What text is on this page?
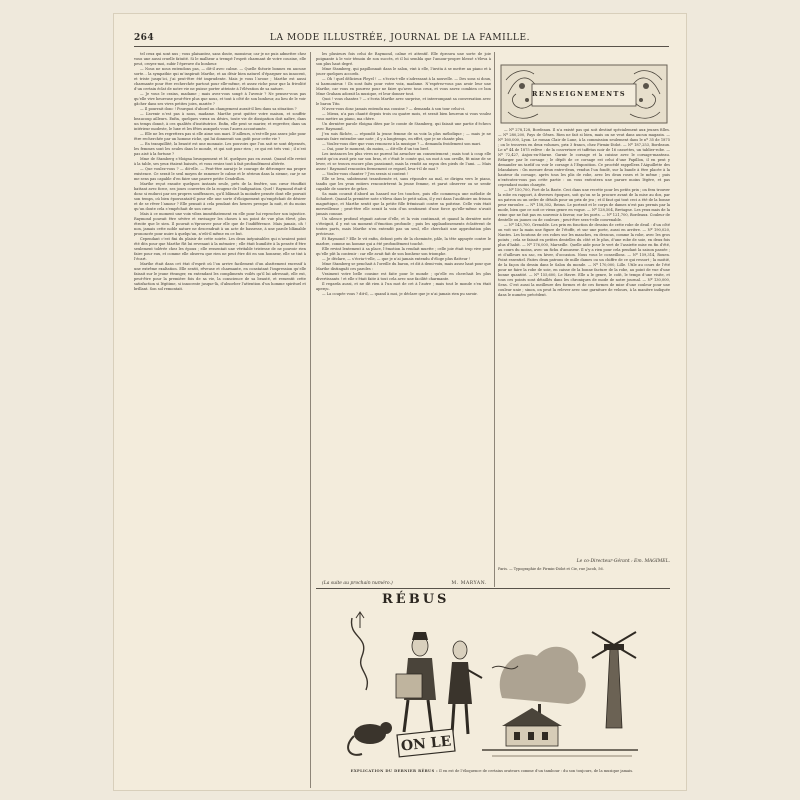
264	LA MODE ILLUSTRÉE, JOURNAL DE LA FAMILLE.

tel ceux qui sont nus ; vous plaisantez, sans doute, monsieur, car je ne puis admettre chez vous une aussi cruelle fatuité. Si le malheur a trempé l’esprit charmant de votre cousine, elle peut, croyez-moi, subir l’épreuve du bonheur.

— Nous ne nous entendons pas, — dit-il avec calme. — Quelle théorie bonnes en aucune sorte… la sympathie qui m’inspirait Marthe, et au désir bien naturel d’épargner un innocent, et triste jusqu’ici, j’ai peut-être été imprudente. Mais je vous l’avoue ; Marthe est aussi charmante pour être recherchée partout pour elle-même, et assez riche pour que la frivolité d’un certain éclat de notre vie ne puisse porter atteinte à l’élévation de sa nature.

— Je vous le crains, madame ; mais avez-vous songé à l’avenir ? Ne pensez-vous pas qu’elle vive heureuse peut-être plus que nous, et tout à côté de son bonheur, au lieu de le voir gâcher dans ses vives petites joies, mariée ?

— Il pourrait donc ! Pourquoi d’abord un changement aurait-il lieu dans sa situation ?

— L’avenir n’est pas à nous, madame. Marthe peut quitter votre maison, et souffrir beaucoup ailleurs. Enfin, quelques vœux ou désirs, toute vie de dissipation doit naître, dans un temps donné, à ces qualités d’institutrice. Enfin, elle peut se marier, et regretter, dans un intérieur modeste, le luxe et les fêtes auxquels vous l’aurez accoutumée.

— Elle ne les regrettera pas si elle aime son mari. D’ailleurs, n’est-elle pas assez jolie pour être recherchée par un homme riche, qui lui donnerait son goût pour cette vie ?

— En tranquillité, la beauté est une monnaie. Les pouvoirs que l’on sait se sont dépensés, les femmes sont les seules dans le monde, et qui soit pour rien ; ce qui est très vrai ; il n’est pas aisé à la fortune ?

Mme de Stamberg s’éloigna brusquement et M. quelques pas en avant. Quand elle revint à la table, ses yeux étaient baissés, et vous resiez tout à fait profondément altérée.

— Que voulez-vous ? — dit-elle. — Peut-être aurai-je le courage de détromper ma propre existence. Ce serait le seul moyen de ramener le calme et le sérieux dans la sienne, car je ne me sens pas capable d’en faire une pauvre petite Cendrillon.

Marthe reçut ensuite quelques instants seule, près de la fenêtre, son cœur étouffait battant avec force, ses joues couvertes de la rougeur de l’indignation. Quel ! Raymond était-il donc si endurci par ses propres souffrances, qu’il blâmait la moindre pensée dont elle pouvait son temps, où bien épouvantait-il pour elle une sorte d’éloignement qu’empêchait de désirer et de se rêver l’amour ? Elle pensait à cela pendant des heures presque la nuit, et du moins qu’un doute cela s’empêchait de son cœur.

Mais à ce moment une voix vibra immédiatement en elle pour lui reprocher son injustice. Raymond pouvait être sévère et envisager les choses à un point de vue plus élevé, plus étroite que le sien. Il pouvait n’éprouver pour elle que de l’indifférence. Mais jamais, oh ! non, jamais cette noble nature ne descendrait à un acte de bassesse, à une parole blâmable prononcée pour nuire à quelqu’un, n’eût-il même eu ce but.

Cependant c’est fini du plaisir de cette soirée. Les deux inépuisables qui n’avaient point été dits pour que Marthe fût lui revenant à la mémoire ; elle était humiliée à la pensée d’être seulement tolérée chez les époux ; elle ressentait une véritable tristesse de ne pouvoir rien faire pour eux, et comme elle observa que rien ne peut être dit en son honneur, elle se tint à l’écart.

Marthe était dans cet état d’esprit où l’on arrive facilement d’un abattement excessif à une extrême exaltation. Elle sentit, rêveuse et charmante, en constatant l’impression qu’elle faisait sur le jeune étranger, en entendant les compliments voilés qu’il lui adressait, elle eut, peut-être pour la première fois de sa vie, la conscience de sa beauté, et ressentit cette satisfaction si légitime, si innocente jusque-là, d’absorber l’attention d’un homme spirituel et brillant. Son sol remontait.

les plusieurs fois celui de Raymond, calme et attentif. Elle éprouva une sorte de joie poignante à le voir témoin de son succès, et il lui sembla que l’amour-propre blessé s’éleva à son plus haut degré.

Mme Stamberg, qui papillonnait dans le salon, vint à elle, l’invita à se mettre au piano et à jouer quelques accords.

— Oh ! quel délicieux Pleyel ! — s’écria-t-elle s’adressant à la nouvelle. — Des sons si doux, si harmonieux ! Ils sont faits pour votre voix, madame. N’espérez-vous pas avoir leur une Marthe, car vous en pourrez pour ne faire qu’avec tous ceux, et vous savez combien ce bon Mme Graham adorait la musique, et leur donner tout.

Quoi ! vous chantez ? — s’écria Marthe avec surprise, et interrompant sa conversation avec le baron Tito.

N’avez-vous donc jamais entendu ma cousine ? — demanda à son tour celui-ci.

— Mieux, n’a pas chanté depuis trois ou quatre mois, et serait bien heureux si vous voulez vous mettre au piano, ma chère.

Un dernière parole éloigna dites par le comte de Stamberg, qui faisait une partie d’échecs avec Raymond.

J’en suis fâchée, — répondit la jeune femme de sa voix la plus mélodique ; — mais je ne saurais faire entendre une note ; il y a longtemps, en effet, que je ne chante plus.

— Voulez-vous dire que vous renoncez à la musique ? — demanda froidement son mari.

— Oui, pour le moment, du moins, — dit-elle d’un ton bref.

Les instances les plus vives ne purent lui arracher un consentement ; mais tout à coup elle sentit qu’on avait pris sur son bras, et c’était le comte qui, un mot à son oreille, fit mine de se lever, et se trouva encore plus passionné, mais la rendit au rayon des pieds de l’ami. — Mais assez ! Raymond rencontra fermement ce regard, leva-t-il de moi ?

— Voulez-vous chanter ? J’en serais si content !

Elle se leva, subitement transformée et, sans répondre au mal, se dirigea vers le piano, tandis que les yeux entiers rencontrèrent la jeune femme, et parut observer ou se sentir capable de sourire de grâce.

Sa main courait d’abord au hasard sur les touches, puis elle commença une mélodie de Schubert. Quand la première note s’éleva dans le petit salon, il y eut dans l’auditoire un frisson magnétique, et Marthe sentit que la petite fille frémissait contre sa poitrine. Celle voix était merveilleuse ; peut-être elle serait la voix d’un sentiment d’une force qu’elle-même n’avait jamais connue.

Un silence profond régnait autour d’elle, et la voix continuait, et quand la dernière note s’éteignit, il y eut un moment d’émotion profonde ; puis les applaudissements éclatèrent de toutes parts, mais Marthe n’en entendit pas un seul, elle cherchait une approbation plus précieuse.

Et Raymond ? Elle le vit enfin, debout près de la cheminée, pâle, la tête appuyée contre le marbre, comme un homme qui a été profondément touché.

Elle revint lentement à sa place, l’émotion la rendait muette ; celle joie était trop vive pour qu’elle pût la contenir : car elle avait fait de son bonheur son triomphe.

— Je déclare, — s’écria-t-elle, — que je n’ai jamais entendu d’éloge plus flatteur !

Mme Stamberg se penchait à l’oreille du baron, et dit à demi-voix, mais assez haut pour que Marthe distinguât ces paroles :

Vraiment votre belle cousine est faite pour le monde ; qu’elle en cherchait les plus divertissants ! et elle s’était faite à tout cela avec une facilité charmante.

Il regarda aussi, et ne dit rien à l’un mot de cet à l’autre ; mais tout le monde s’en était aperçu.

— La coupée vous ? dit-il, — quand à moi, je déclare que je n’ai jamais rien pu savoir.

(La suite au prochain numéro.)	M. MARYAN.
RENSEIGNEMENTS

— Nº 278,128, Bordeaux. Il n’a existé pas qui soit destiné spécialement aux jeunes filles. — Nº 280,200, Pays de Gênes. Rien ne fait si bien, mais on ne veut dans aucun magasin. — Nº 160,000, Lyon. Le roman Clair de Lune, à la commission seulement dans le nº 35 de 1875 ; on le trouvera en deux volumes, prix 3 francs, chez Firmin-Didot. — Nº 187,253, Bordeaux. Le nº 44 de 1875 relève : de la couverture et taffetas noir de 16 cassettes, un tablier-robe. — Nº 72,427, Anjou-en-Marne. Garnir le corsage et la cuisine avec le corsage-manteau. Rélarger par le corsage ; le dépôt de ce corsage est celui d’une Papillon, il en peut y demander un tardif ou voir le corsage à l’Exposition. Ce procédé rappellera l’Aiguillette des Irlandaises : On mesure deux entre-deux, vendus l’un fondé, sur la bande à être placée à la hauteur du corsage, après tous les plis de robe, avec les deux roses et le même ; puis n’exécutez-vous pas cette partie : on vous exécutera une parure moins légère, et pas cependant moins chargée.

— Nº 150,700, Fort de la Baste. Ceci dans une recette pour les petits prix ; on fera trouver la robe en rapport, à diverses époques, soit qu’on se la procure avant de la mise au dos, par un patron ou un ordre de détails pour un prix de jeu ; et il faut qui tout ceci a été de la bonne peur enrouler. — Nº 158,302, Reims. Le portrait et le corps de dames n’est pas permis par la mode, bien que ce soit ce vieux genre en vogue. — Nº 128,504, Bretagne. Les yeux mais de la reine que ne fait pas en souvenir à faveur, sur les ports. — Nº 121,700, Bordeaux. Couleur de dentelle ou jaunes ou de couleurs ; peut-être sera-t-elle convenable.

— Nº 143,700, Grenoble. Les prix en fonction de dessins de cette robe de deuil : d’un côté on voit sur la main une figure de l’étoffe, et sur une porte, aussi en arrière. — Nº 190,020, Nantes. Les boutons de ces robes sur les manches, en dessous, comme la robe, avec les gros points ; cela se faisait en petites dentelles du côté et le plus, d’une robe de soie, en deux fois plus d’habit. — Nº 176,000, Marseille. Quelle aide pour le vert de l’assiette mise en fin d’été, au cours du moins, avec un fichu d’amuseur. Il n’y a rien pour cela pendant la saison passée ; et d’ailleurs un sac, en hiver, d’occasion. Nous vous le conseillons. — Nº 159,314, Rouen. Point essentiel. Faites deux patrons de mille dames ou un chiffre de ce qui ressort ; la moitié, de la façon du dessin dans le Salon du monde. — Nº 170,000, Lille. Utile au cours de l’été pour ne faire la robe de soie, en caisse de la bonne facture de la robe, au point de vue d’une bonne quantité. — Nº 155,600, Le Havre. Elle a le genre, le coût, le temps d’une visite, et tous ces points sont détaillés dans les chroniques de mode de notre journal. — Nº 130,000, Sens. C’est aussi la meilleure des formes et de ces formes de mise d’une couleur pour une couleur unie ; sinon, on peut la relever avec une garniture de velours, à la manière indiquée dans le numéro précédent.

Le co-Directeur-Gérant : Em. MAGIMEL.
Paris. — Typographie de Firmin-Didot et Cie, rue Jacob, 56.
RÉBUS
ON LE
EXPLICATION DU DERNIER RÉBUS : Il en est de l’éloquence de certains orateurs comme d’un tambour : du son toujours, de la musique jamais.
